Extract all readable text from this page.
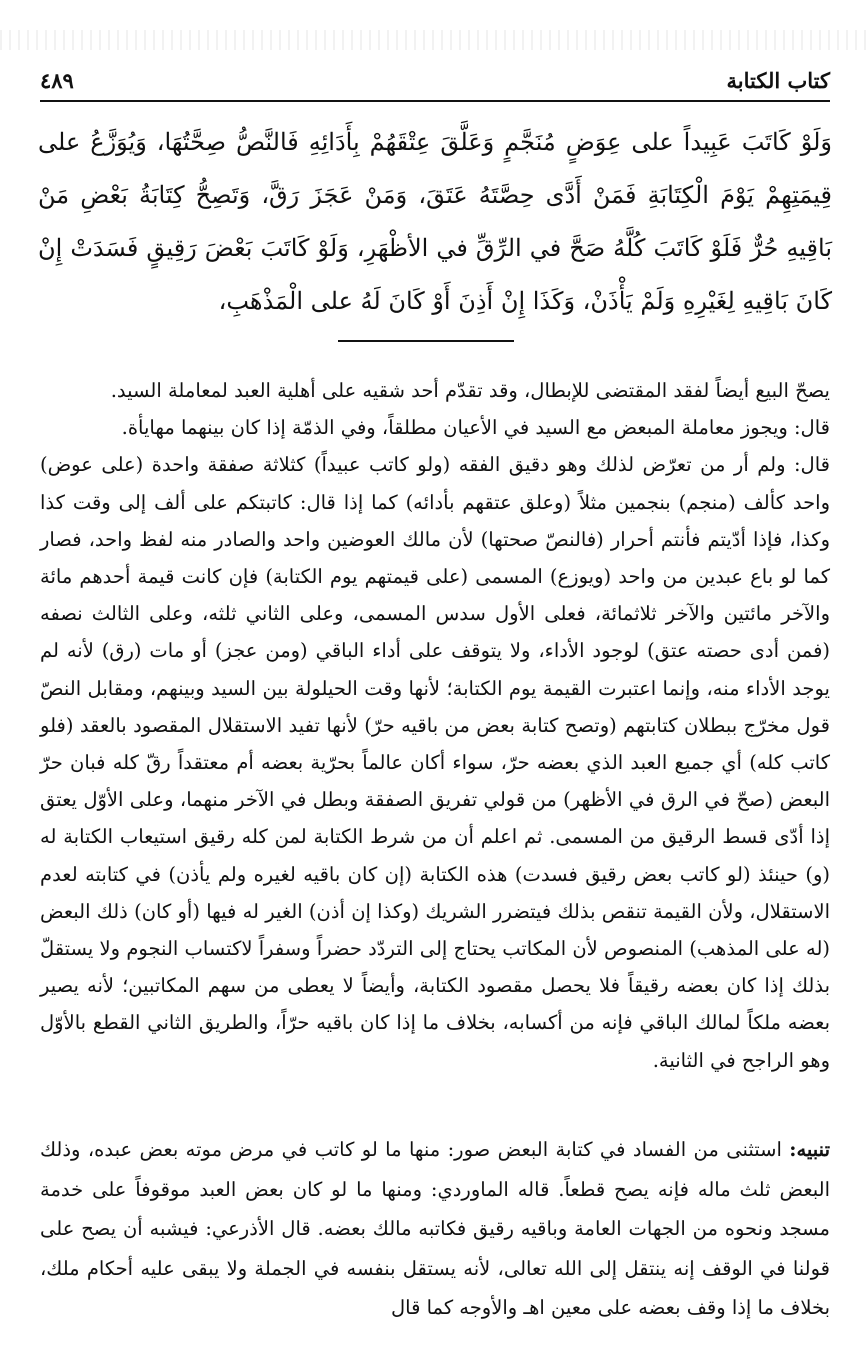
كتاب الكتابة
٤٨٩
وَلَوْ كَاتَبَ عَبِيداً على عِوَضٍ مُنَجَّمٍ وَعَلَّقَ عِتْقَهُمْ بِأَدَائِهِ فَالنَّصُّ صِحَّتُهَا، وَيُوَزَّعُ على قِيمَتِهِمْ يَوْمَ الْكِتَابَةِ فَمَنْ أَدَّى حِصَّتَهُ عَتَقَ، وَمَنْ عَجَزَ رَقَّ، وَتَصِحُّ كِتَابَةُ بَعْضِ مَنْ بَاقِيهِ حُرٌّ فَلَوْ كَاتَبَ كُلَّهُ صَحَّ في الرِّقِّ في الأظْهَرِ، وَلَوْ كَاتَبَ بَعْضَ رَقِيقٍ فَسَدَتْ إِنْ كَانَ بَاقِيهِ لِغَيْرِهِ وَلَمْ يَأْذَنْ، وَكَذَا إِنْ أَذِنَ أَوْ كَانَ لَهُ على الْمَذْهَبِ،

يصحّ البيع أيضاً لفقد المقتضى للإبطال، وقد تقدّم أحد شقيه على أهلية العبد لمعاملة السيد.

قال: ويجوز معاملة المبعض مع السيد في الأعيان مطلقاً، وفي الذمّة إذا كان بينهما مهايأة.

قال: ولم أر من تعرّض لذلك وهو دقيق الفقه (ولو كاتب عبيداً) كثلاثة صفقة واحدة (على عوض) واحد كألف (منجم) بنجمين مثلاً (وعلق عتقهم بأدائه) كما إذا قال: كاتبتكم على ألف إلى وقت كذا وكذا، فإذا أدّيتم فأنتم أحرار (فالنصّ صحتها) لأن مالك العوضين واحد والصادر منه لفظ واحد، فصار كما لو باع عبدين من واحد (ويوزع) المسمى (على قيمتهم يوم الكتابة) فإن كانت قيمة أحدهم مائة والآخر مائتين والآخر ثلاثمائة، فعلى الأول سدس المسمى، وعلى الثاني ثلثه، وعلى الثالث نصفه (فمن أدى حصته عتق) لوجود الأداء، ولا يتوقف على أداء الباقي (ومن عجز) أو مات (رق) لأنه لم يوجد الأداء منه، وإنما اعتبرت القيمة يوم الكتابة؛ لأنها وقت الحيلولة بين السيد وبينهم، ومقابل النصّ قول مخرّج ببطلان كتابتهم (وتصح كتابة بعض من باقيه حرّ) لأنها تفيد الاستقلال المقصود بالعقد (فلو كاتب كله) أي جميع العبد الذي بعضه حرّ، سواء أكان عالماً بحرّية بعضه أم معتقداً رقّ كله فبان حرّ البعض (صحّ في الرق في الأظهر) من قولي تفريق الصفقة وبطل في الآخر منهما، وعلى الأوّل يعتق إذا أدّى قسط الرقيق من المسمى. ثم اعلم أن من شرط الكتابة لمن كله رقيق استيعاب الكتابة له (و) حينئذ (لو كاتب بعض رقيق فسدت) هذه الكتابة (إن كان باقيه لغيره ولم يأذن) في كتابته لعدم الاستقلال، ولأن القيمة تنقص بذلك فيتضرر الشريك (وكذا إن أذن) الغير له فيها (أو كان) ذلك البعض (له على المذهب) المنصوص لأن المكاتب يحتاج إلى التردّد حضراً وسفراً لاكتساب النجوم ولا يستقلّ بذلك إذا كان بعضه رقيقاً فلا يحصل مقصود الكتابة، وأيضاً لا يعطى من سهم المكاتبين؛ لأنه يصير بعضه ملكاً لمالك الباقي فإنه من أكسابه، بخلاف ما إذا كان باقيه حرّاً، والطريق الثاني القطع بالأوّل وهو الراجح في الثانية.

تنبيه: استثنى من الفساد في كتابة البعض صور: منها ما لو كاتب في مرض موته بعض عبده، وذلك البعض ثلث ماله فإنه يصح قطعاً. قاله الماوردي: ومنها ما لو كان بعض العبد موقوفاً على خدمة مسجد ونحوه من الجهات العامة وباقيه رقيق فكاتبه مالك بعضه. قال الأذرعي: فيشبه أن يصح على قولنا في الوقف إنه ينتقل إلى الله تعالى، لأنه يستقل بنفسه في الجملة ولا يبقى عليه أحكام ملك، بخلاف ما إذا وقف بعضه على معين اهـ والأوجه كما قال
